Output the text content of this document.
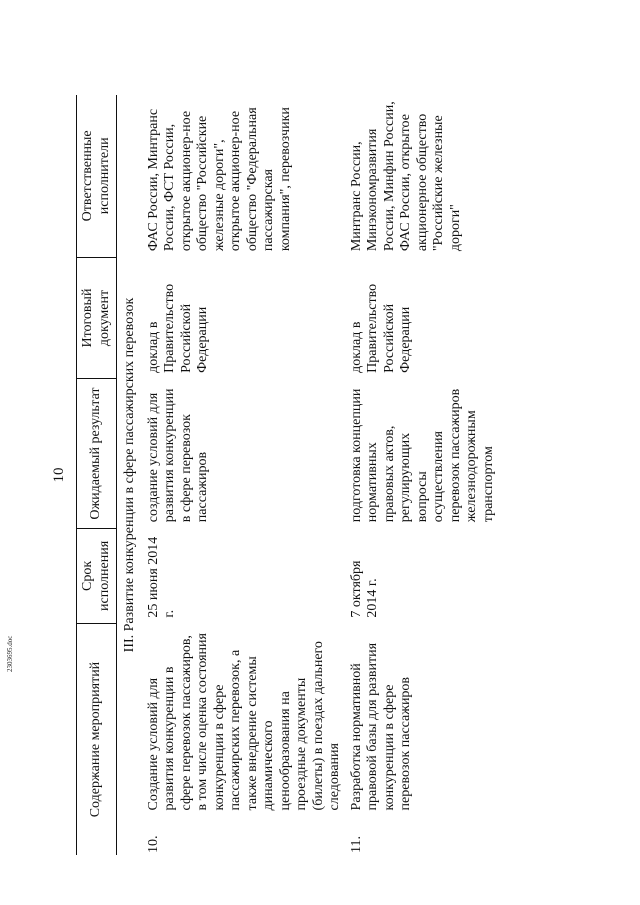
10
Содержание мероприятий		Срок исполнения	Ожидаемый результат	Итоговый документ	Ответственные исполнители
III. Развитие конкуренции в сфере пассажирских перевозок					
10.	Создание условий для развития конкуренции в сфере перевозок пассажиров, в том числе оценка состояния конкуренции в сфере пассажирских перевозок, а также внедрение системы динамического ценообразования на проездные документы (билеты) в поездах дальнего следования	25 июня 2014 г.	создание условий для развития конкуренции в сфере перевозок пассажиров	доклад в Правительство Российской Федерации	ФАС России, Минтранс России, ФСТ России, открытое акционер-ное общество "Российские железные дороги", открытое акционер-ное общество "Федеральная пассажирская компания", перевозчики
11.	Разработка нормативной правовой базы для развития конкуренции в сфере перевозок пассажиров	7 октября 2014 г.	подготовка концепции нормативных правовых актов, регулирующих вопросы осуществления перевозок пассажиров железнодорожным транспортом	доклад в Правительство Российской Федерации	Минтранс России, Минэкономразвития России, Минфин России, ФАС России, открытое акционерное общество "Российские железные дороги"
2303695.doc
